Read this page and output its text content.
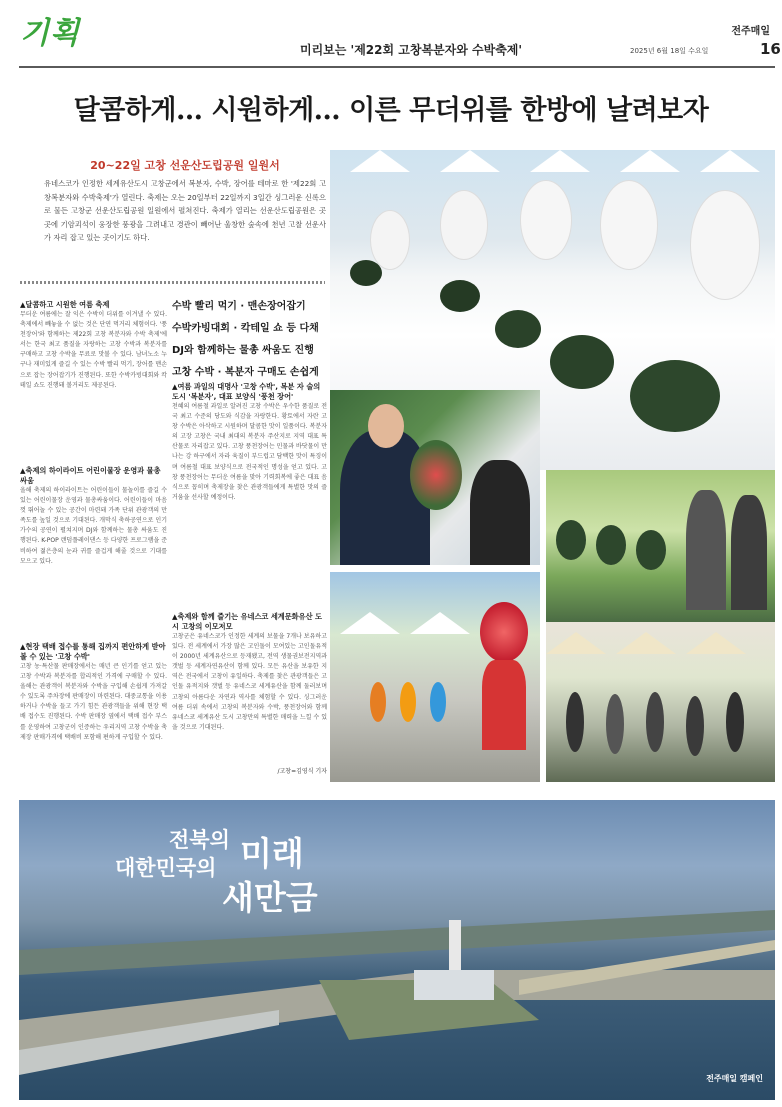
기획	전주매일
미리보는 '제22회 고창복분자와 수박축제'	2025년 6월 18일 수요일	16
달콤하게… 시원하게… 이른 무더위를 한방에 날려보자
20~22일 고창 선운산도립공원 일원서

유네스코가 인정한 세계유산도시 고창군에서 복분자, 수박, 장어를 테마로 한 '제22회 고창복분자와 수박축제'가 열린다. 축제는 오는 20일부터 22일까지 3일간 싱그러운 신록으로 물든 고창군 선운산도립공원 일원에서 펼쳐진다. 축제가 열리는 선운산도립공원은 곳곳에 기암괴석이 웅장한 풍광을 그려내고 경관이 빼어난 울창한 숲속에 천년 고찰 선운사가 자리 잡고 있는 곳이기도 하다.

▲달콤하고 시원한 여름 축제

무더운 여름에는 잘 익은 수박이 더위를 이겨낼 수 있다. 축제에서 빼놓을 수 없는 것은 단연 먹거리 체험이다. '풍천장어'와 함께하는 제22회 고창 복분자와 수박 축제'에서는 한국 최고 품질을 자랑하는 고창 수박과 복분자를 구매하고 고창 수박을 무료로 맛볼 수 있다. 남녀노소 누구나 재미있게 즐길 수 있는 수박 빨리 먹기, 장어를 맨손으로 잡는 장어잡기가 진행된다. 또한 수박카빙대회와 칵테일 쇼도 진행돼 볼거리도 제공된다.

▲축제의 하이라이트 어린이물장 운영과 물총싸움

올해 축제의 하이라이트는 어린이들이 물놀이를 즐길 수 있는 어린이물장 운영과 물총싸움이다. 어린이들이 마음껏 뛰어놀 수 있는 공간이 마련돼 가족 단위 관광객의 만족도를 높일 것으로 기대된다. 개막식 축하공연으로 인기가수의 공연이 펼쳐지며 DJ와 함께하는 물총 싸움도 진행된다. K-POP 랜덤플레이댄스 등 다양한 프로그램을 준비하여 젊은층의 눈과 귀를 즐겁게 해줄 것으로 기대를 모으고 있다.

▲현장 택배 접수를 통해 집까지 편안하게 받아볼 수 있는 '고창 수박'

고창 농·특산물 판매장에서는 매년 큰 인기를 얻고 있는 고창 수박과 복분자를 합리적인 가격에 구매할 수 있다. 올해는 관광객이 복분자와 수박을 구입해 손쉽게 가져갈 수 있도록 주차장에 판매장이 마련된다. 대중교통을 이용하거나 수박을 들고 가기 힘든 관광객들을 위해 현장 택배 접수도 진행된다. 수박 판매장 옆에서 택배 접수 부스를 운영하여 고창군이 인증하는 우리지역 고창 수박을 축제장 판매가격에 택배비 포함해 편하게 구입할 수 있다.

수박 빨리 먹기 · 맨손장어잡기
수박카빙대회 · 칵테일 쇼 등 다채
DJ와 함께하는 물총 싸움도 진행
고창 수박 · 복분자 구매도 손쉽게
▲여름 과일의 대명사 '고창 수박', 복분 자 술의 도시 '복분자', 대표 보양식 '풍천 장어'

천혜의 여름철 과일로 알려진 고창 수박은 우수한 품질로 전국 최고 수준의 당도와 식감을 자랑한다. 황토에서 자란 고창 수박은 아삭하고 시원하며 달콤한 맛이 일품이다. 복분자의 고장 고창은 국내 최대의 복분자 주산지로 지역 대표 특산물로 자리잡고 있다. 고창 풍천장어는 민물과 바닷물이 만나는 강 하구에서 자라 육질이 부드럽고 담백한 맛이 특징이며 여름철 대표 보양식으로 전국적인 명성을 얻고 있다. 고창 풍천장어는 무더운 여름을 맞아 기력회복에 좋은 대표 음식으로 꼽히며 축제장을 찾은 관광객들에게 특별한 맛의 즐거움을 선사할 예정이다.

▲축제와 함께 즐기는 유네스코 세계문화유산 도시 고창의 이모저모

고창군은 유네스코가 인정한 세계의 보물을 7개나 보유하고 있다. 전 세계에서 가장 많은 고인돌이 모여있는 고인돌유적이 2000년 세계유산으로 등재됐고, 전역 생물권보전지역과 갯벌 등 세계자연유산이 함께 있다. 모든 유산을 보유한 지역은 전국에서 고창이 유일하다. 축제를 찾은 관광객들은 고인돌 유적지와 갯벌 등 유네스코 세계유산을 함께 둘러보며 고창의 아름다운 자연과 역사를 체험할 수 있다. 싱그러운 여름 더위 속에서 고창의 복분자와 수박, 풍천장어와 함께 유네스코 세계유산 도시 고창만의 특별한 매력을 느낄 수 있을 것으로 기대된다.

/고창=김영식 기자
전북의
대한민국의 미래
새만금
전주매일 캠페인
